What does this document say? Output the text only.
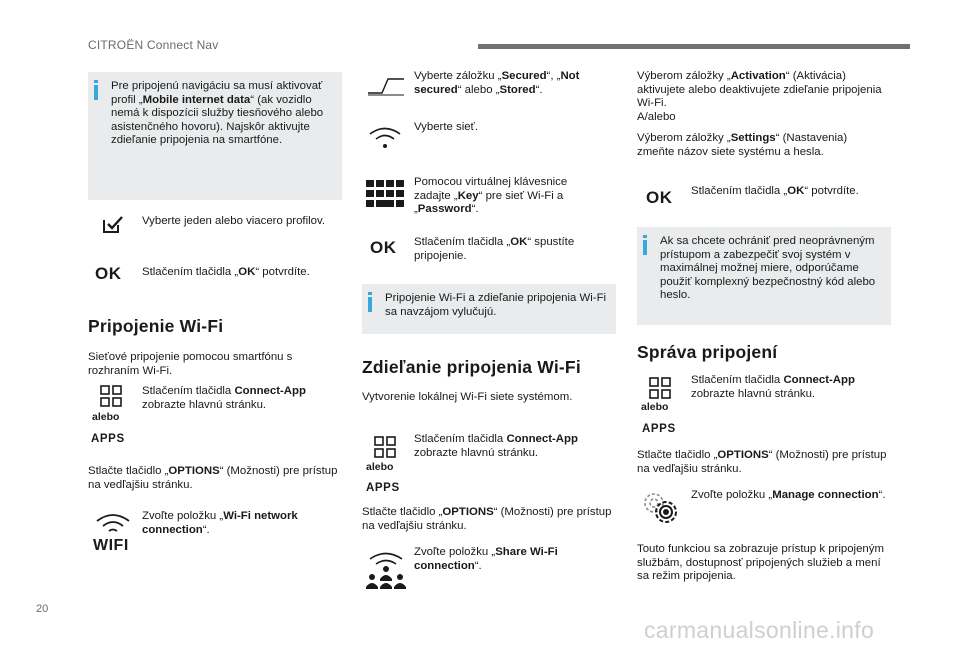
CITROËN Connect Nav
20
carmanualsonline.info
Pre pripojenú navigáciu sa musí aktivovať profil „Mobile internet data“ (ak vozidlo nemá k dispozícii služby tiesňového alebo asistenčného hovoru). Najskôr aktivujte zdieľanie pripojenia na smartfóne.
Vyberte jeden alebo viacero profilov.
OK Stlačením tlačidla „OK“ potvrdíte.
Pripojenie Wi-Fi
Sieťové pripojenie pomocou smartfónu s rozhraním Wi-Fi.
alebo
APPS
Stlačením tlačidla Connect-App zobrazte hlavnú stránku.
Stlačte tlačidlo „OPTIONS“ (Možnosti) pre prístup na vedľajšiu stránku.
WIFI
Zvoľte položku „Wi-Fi network connection“.
Vyberte záložku „Secured“, „Not secured“ alebo „Stored“.
Vyberte sieť.
Pomocou virtuálnej klávesnice zadajte „Key“ pre sieť Wi-Fi a „Password“.
OK Stlačením tlačidla „OK“ spustíte pripojenie.
Pripojenie Wi-Fi a zdieľanie pripojenia Wi-Fi sa navzájom vylučujú.
Zdieľanie pripojenia Wi-Fi
Vytvorenie lokálnej Wi-Fi siete systémom.
alebo
APPS
Stlačením tlačidla Connect-App zobrazte hlavnú stránku.
Stlačte tlačidlo „OPTIONS“ (Možnosti) pre prístup na vedľajšiu stránku.
Zvoľte položku „Share Wi-Fi connection“.
Výberom záložky „Activation“ (Aktivácia) aktivujete alebo deaktivujete zdieľanie pripojenia Wi-Fi.
A/alebo
Výberom záložky „Settings“ (Nastavenia) zmeňte názov siete systému a hesla.
OK Stlačením tlačidla „OK“ potvrdíte.
Ak sa chcete ochrániť pred neoprávneným prístupom a zabezpečiť svoj systém v maximálnej možnej miere, odporúčame použiť komplexný bezpečnostný kód alebo heslo.
Správa pripojení
alebo
APPS
Stlačením tlačidla Connect-App zobrazte hlavnú stránku.
Stlačte tlačidlo „OPTIONS“ (Možnosti) pre prístup na vedľajšiu stránku.
Zvoľte položku „Manage connection“.
Touto funkciou sa zobrazuje prístup k pripojeným službám, dostupnosť pripojených služieb a mení sa režim pripojenia.
